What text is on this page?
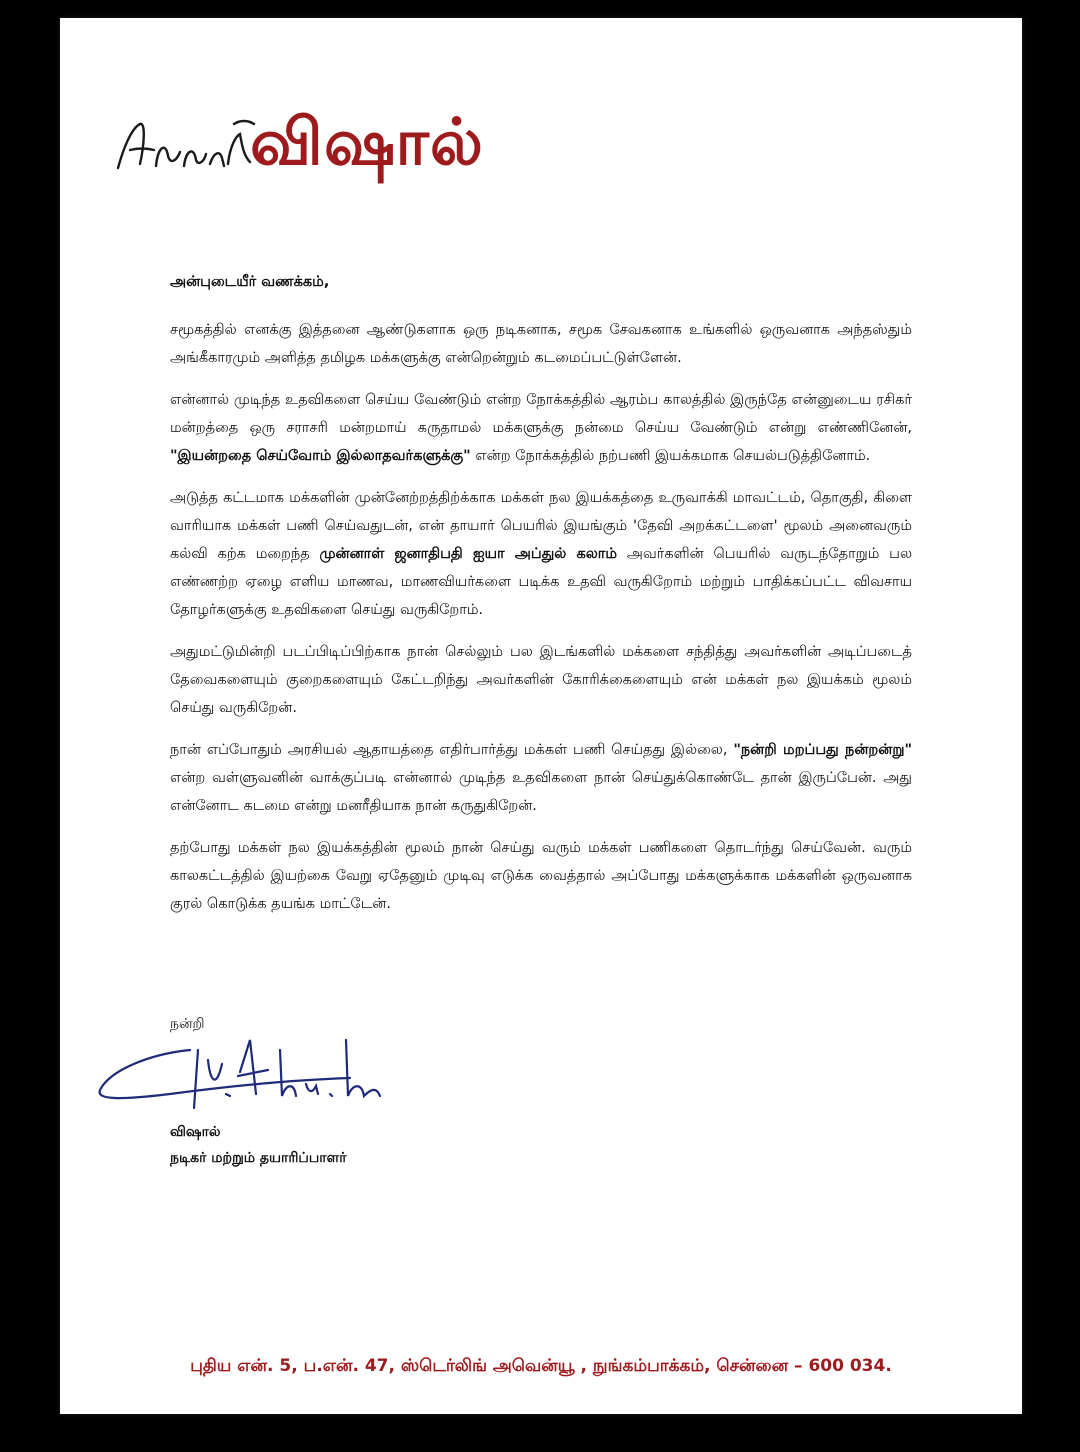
விஷால்

அன்புடையீர் வணக்கம்,

சமூகத்தில் எனக்கு இத்தனை ஆண்டுகளாக ஒரு நடிகனாக, சமூக சேவகனாக உங்களில் ஒருவனாக அந்தஸ்தும் அங்கீகாரமும் அளித்த தமிழக மக்களுக்கு என்றென்றும் கடமைப்பட்டுள்ளேன்.

என்னால் முடிந்த உதவிகளை செய்ய வேண்டும் என்ற நோக்கத்தில் ஆரம்ப காலத்தில் இருந்தே என்னுடைய ரசிகர் மன்றத்தை ஒரு சராசரி மன்றமாய் கருதாமல் மக்களுக்கு நன்மை செய்ய வேண்டும் என்று எண்ணினேன், "இயன்றதை செய்வோம் இல்லாதவர்களுக்கு" என்ற நோக்கத்தில் நற்பணி இயக்கமாக செயல்படுத்தினோம்.

அடுத்த கட்டமாக மக்களின் முன்னேற்றத்திற்க்காக மக்கள் நல இயக்கத்தை உருவாக்கி மாவட்டம், தொகுதி, கிளை வாரியாக மக்கள் பணி செய்வதுடன், என் தாயார் பெயரில் இயங்கும் 'தேவி அறக்கட்டளை' மூலம் அனைவரும் கல்வி கற்க மறைந்த முன்னாள் ஜனாதிபதி ஐயா அப்துல் கலாம் அவர்களின் பெயரில் வருடந்தோறும் பல எண்ணற்ற ஏழை எளிய மாணவ, மாணவியர்களை படிக்க உதவி வருகிறோம் மற்றும் பாதிக்கப்பட்ட விவசாய தோழர்களுக்கு உதவிகளை செய்து வருகிறோம்.

அதுமட்டுமின்றி படப்பிடிப்பிற்காக நான் செல்லும் பல இடங்களில் மக்களை சந்தித்து அவர்களின் அடிப்படைத் தேவைகளையும் குறைகளையும் கேட்டறிந்து அவர்களின் கோரிக்கைளையும் என் மக்கள் நல இயக்கம் மூலம் செய்து வருகிறேன்.

நான் எப்போதும் அரசியல் ஆதாயத்தை எதிர்பார்த்து மக்கள் பணி செய்தது இல்லை, "நன்றி மறப்பது நன்றன்று" என்ற வள்ளுவனின் வாக்குப்படி என்னால் முடிந்த உதவிகளை நான் செய்துக்கொண்டே தான் இருப்பேன். அது என்னோட கடமை என்று மனரீதியாக நான் கருதுகிறேன்.

தற்போது மக்கள் நல இயக்கத்தின் மூலம் நான் செய்து வரும் மக்கள் பணிகளை தொடர்ந்து செய்வேன். வரும் காலகட்டத்தில் இயற்கை வேறு ஏதேனும் முடிவு எடுக்க வைத்தால் அப்போது மக்களுக்காக மக்களின் ஒருவனாக குரல் கொடுக்க தயங்க மாட்டேன்.

நன்றி
விஷால்
நடிகர் மற்றும் தயாரிப்பாளர்
புதிய என். 5, ப.என். 47, ஸ்டெர்லிங் அவென்யூ , நுங்கம்பாக்கம், சென்னை – 600 034.
